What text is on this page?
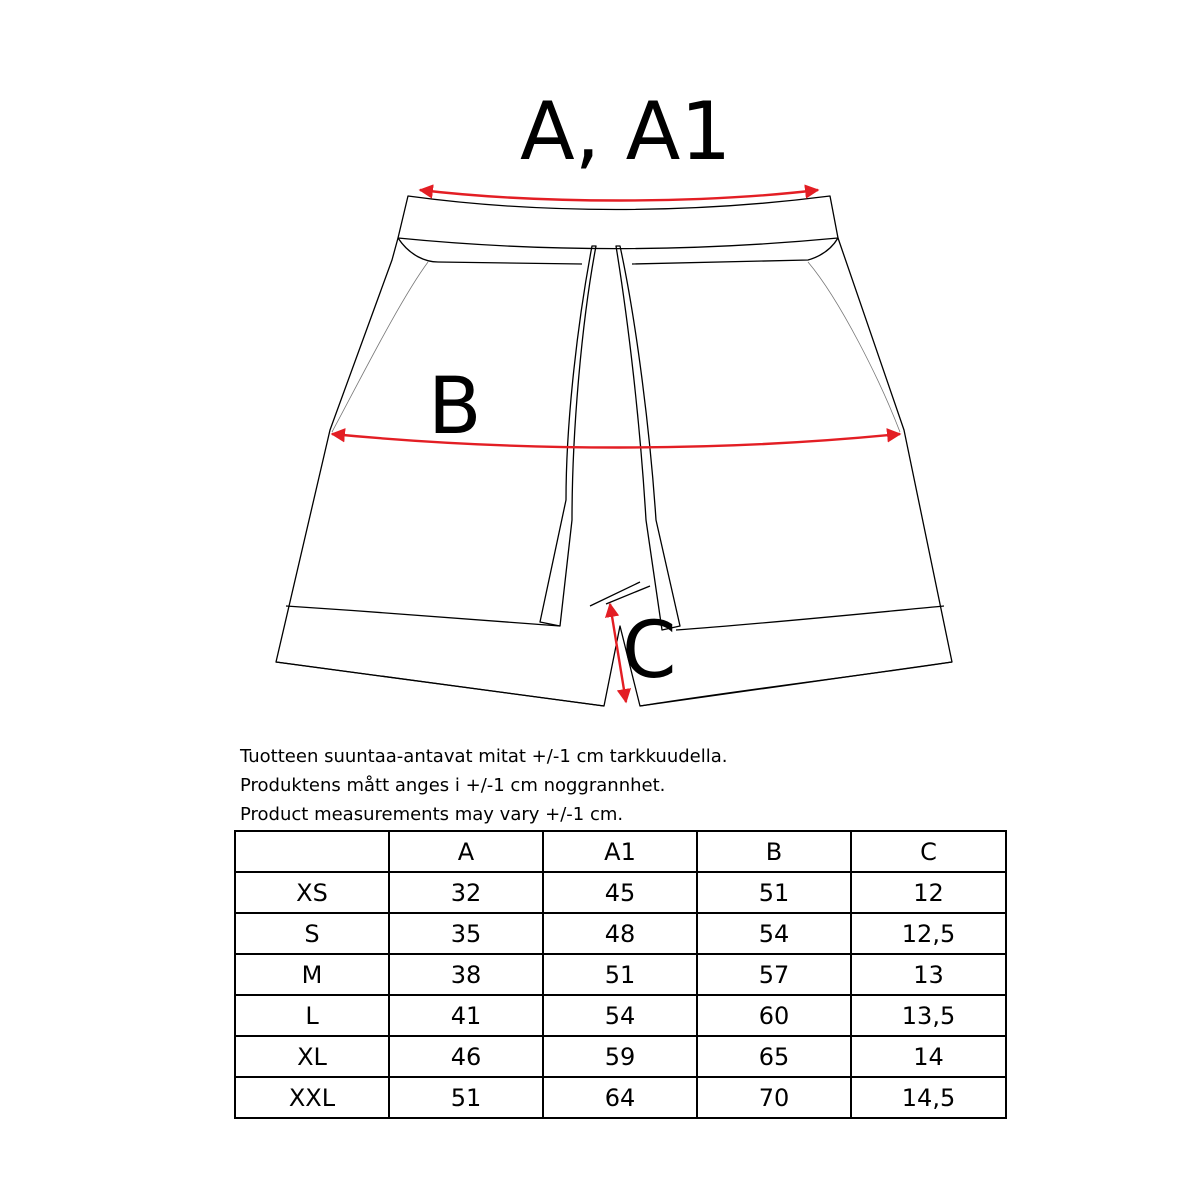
A, A1
B
C
Tuotteen suuntaa-antavat mitat +/-1 cm tarkkuudella.
Produktens mått anges i +/-1 cm noggrannhet.
Product measurements may vary +/-1 cm.
	A	A1	B	C
XS	32	45	51	12
S	35	48	54	12,5
M	38	51	57	13
L	41	54	60	13,5
XL	46	59	65	14
XXL	51	64	70	14,5
